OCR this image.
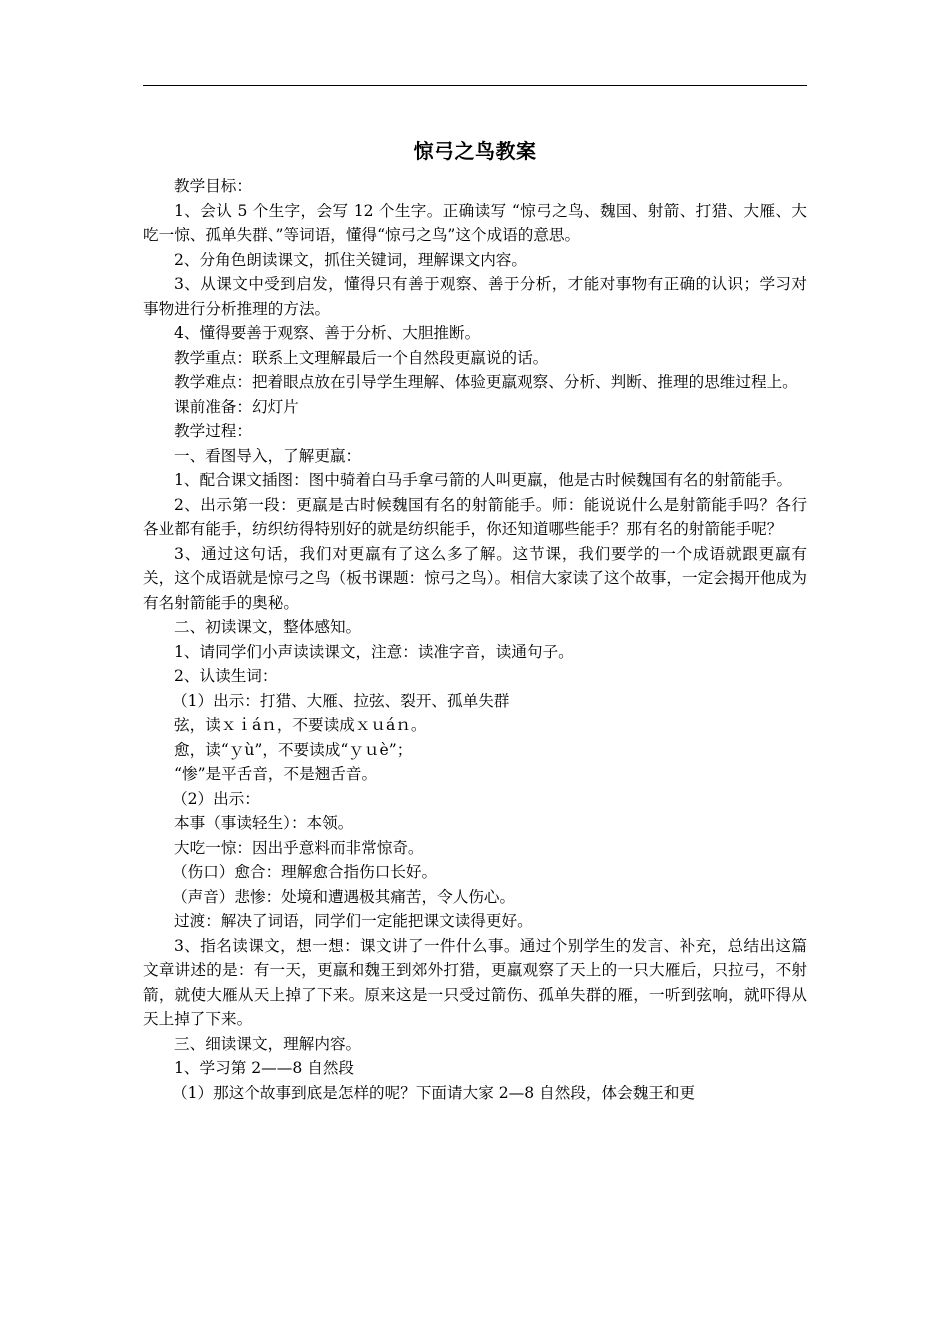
惊弓之鸟教案

教学目标：

1、会认 5 个生字，会写 12 个生字。正确读写 “惊弓之鸟、魏国、射箭、打猎、大雁、大吃一惊、孤单失群、”等词语，懂得“惊弓之鸟”这个成语的意思。

2、分角色朗读课文，抓住关键词，理解课文内容。

3、从课文中受到启发，懂得只有善于观察、善于分析，才能对事物有正确的认识；学习对事物进行分析推理的方法。

4、懂得要善于观察、善于分析、大胆推断。

教学重点：联系上文理解最后一个自然段更羸说的话。

教学难点：把着眼点放在引导学生理解、体验更羸观察、分析、判断、推理的思维过程上。

课前准备：幻灯片

教学过程：

一、看图导入，了解更羸：

1、配合课文插图：图中骑着白马手拿弓箭的人叫更羸，他是古时候魏国有名的射箭能手。

2、出示第一段：更羸是古时候魏国有名的射箭能手。师：能说说什么是射箭能手吗？各行各业都有能手，纺织纺得特别好的就是纺织能手，你还知道哪些能手？那有名的射箭能手呢？

3、通过这句话，我们对更羸有了这么多了解。这节课，我们要学的一个成语就跟更羸有关，这个成语就是惊弓之鸟（板书课题：惊弓之鸟）。相信大家读了这个故事，一定会揭开他成为有名射箭能手的奥秘。

二、初读课文，整体感知。

1、请同学们小声读读课文，注意：读准字音，读通句子。

2、认读生词：

（1）出示：打猎、大雁、拉弦、裂开、孤单失群

弦，读ｘｉáｎ，不要读成ｘｕáｎ。

愈，读“ｙù”，不要读成“ｙｕè”；

“惨”是平舌音，不是翘舌音。

（2）出示：

本事（事读轻生）：本领。

大吃一惊：因出乎意料而非常惊奇。

（伤口）愈合：理解愈合指伤口长好。

（声音）悲惨：处境和遭遇极其痛苦，令人伤心。

过渡：解决了词语，同学们一定能把课文读得更好。

3、指名读课文，想一想：课文讲了一件什么事。通过个别学生的发言、补充，总结出这篇文章讲述的是：有一天，更羸和魏王到郊外打猎，更羸观察了天上的一只大雁后，只拉弓，不射箭，就使大雁从天上掉了下来。原来这是一只受过箭伤、孤单失群的雁，一听到弦响，就吓得从天上掉了下来。

三、细读课文，理解内容。

1、学习第 2——8 自然段

（1）那这个故事到底是怎样的呢？下面请大家 2—8 自然段，体会魏王和更
